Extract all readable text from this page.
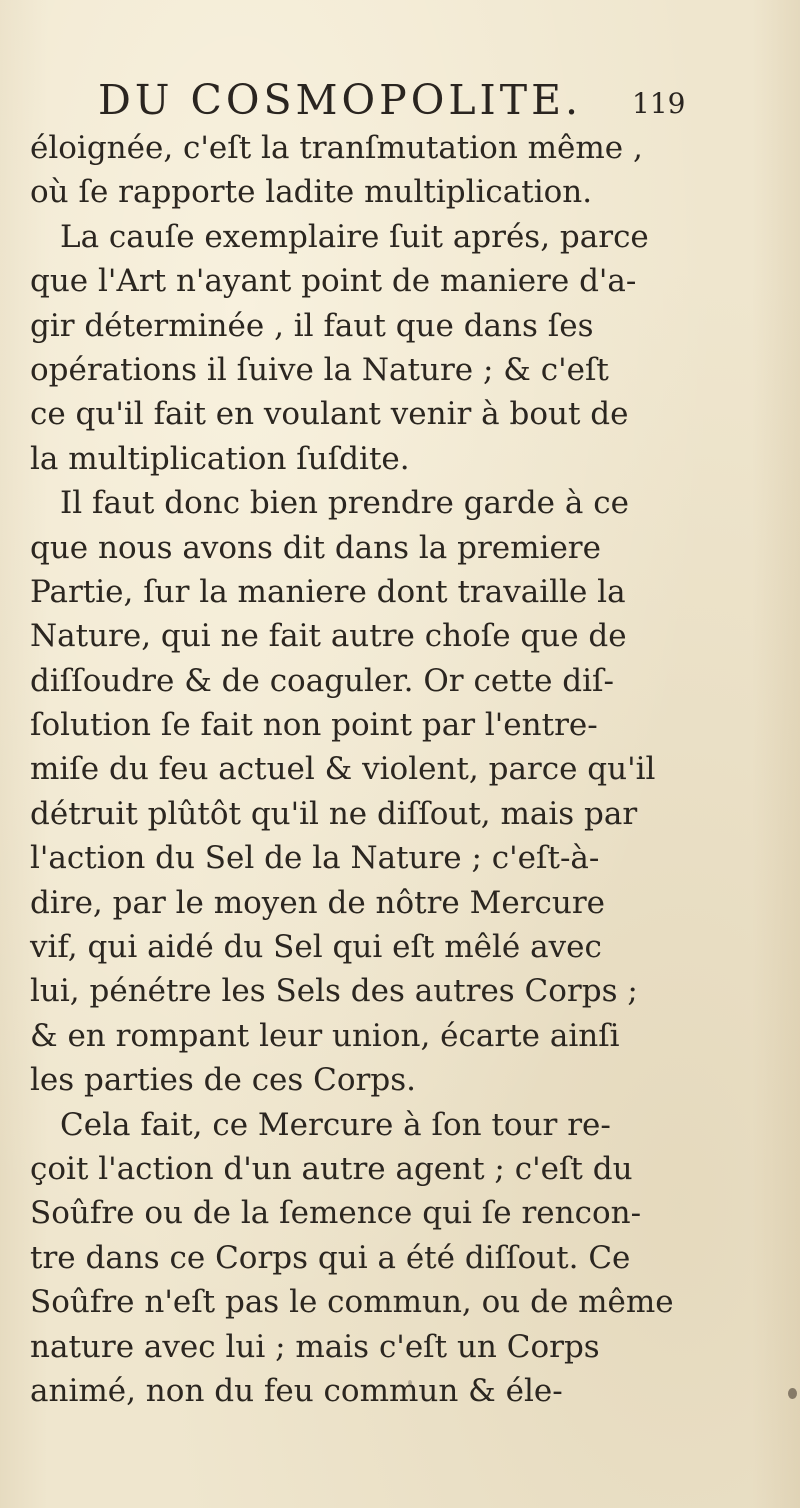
DU COSMOPOLITE. 119
éloignée, c'eſt la tranſmutation même ,
où ſe rapporte ladite multiplication.
La cauſe exemplaire ſuit aprés, parce
que l'Art n'ayant point de maniere d'a-
gir déterminée , il faut que dans ſes
opérations il ſuive la Nature ; & c'eſt
ce qu'il fait en voulant venir à bout de
la multiplication ſuſdite.
Il faut donc bien prendre garde à ce
que nous avons dit dans la premiere
Partie, ſur la maniere dont travaille la
Nature, qui ne fait autre choſe que de
diſſoudre & de coaguler. Or cette diſ-
ſolution ſe fait non point par l'entre-
miſe du feu actuel & violent, parce qu'il
détruit plûtôt qu'il ne diſſout, mais par
l'action du Sel de la Nature ; c'eſt-à-
dire, par le moyen de nôtre Mercure
vif, qui aidé du Sel qui eſt mêlé avec
lui, pénétre les Sels des autres Corps ;
& en rompant leur union, écarte ainſi
les parties de ces Corps.
Cela fait, ce Mercure à ſon tour re-
çoit l'action d'un autre agent ; c'eſt du
Soûfre ou de la ſemence qui ſe rencon-
tre dans ce Corps qui a été diſſout. Ce
Soûfre n'eſt pas le commun, ou de même
nature avec lui ; mais c'eſt un Corps
animé, non du feu commun & éle-
